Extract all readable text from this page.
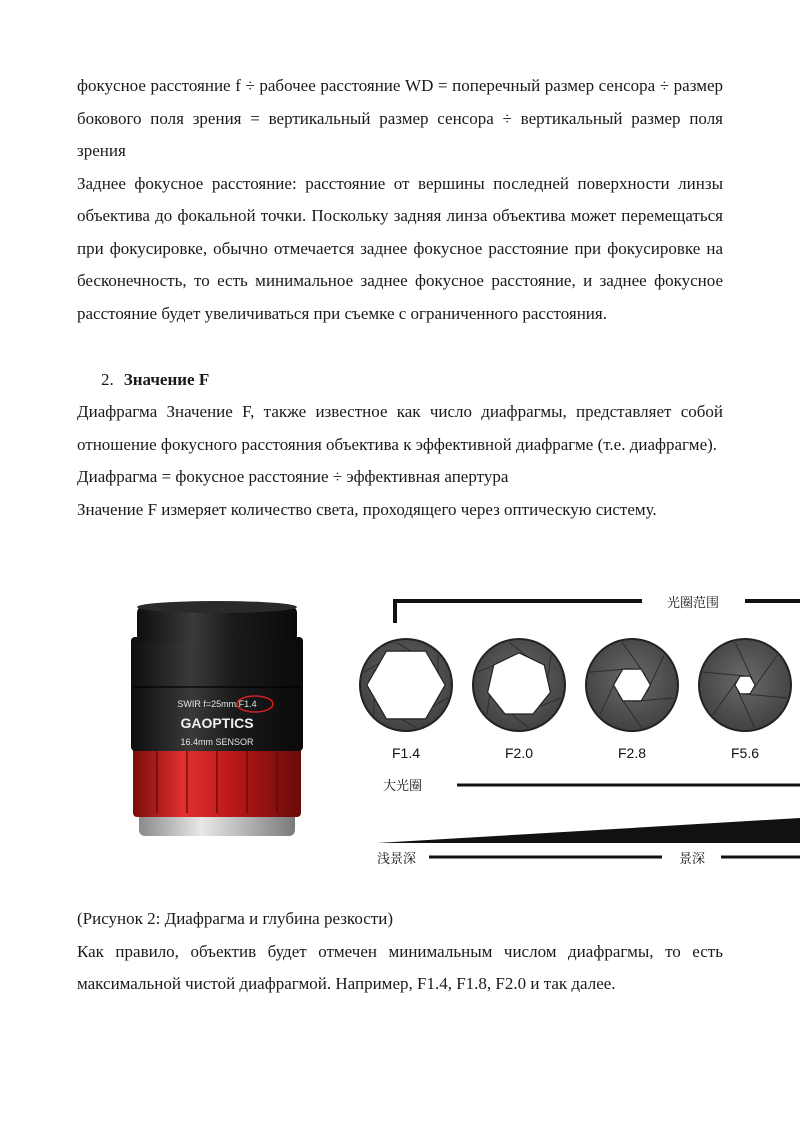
фокусное расстояние f ÷ рабочее расстояние WD = поперечный размер сенсора ÷ размер бокового поля зрения = вертикальный размер сенсора ÷ вертикальный размер поля зрения

Заднее фокусное расстояние: расстояние от вершины последней поверхности линзы объектива до фокальной точки. Поскольку задняя линза объектива может перемещаться при фокусировке, обычно отмечается заднее фокусное расстояние при фокусировке на бесконечность, то есть минимальное заднее фокусное расстояние, и заднее фокусное расстояние будет увеличиваться при съемке с ограниченного расстояния.

2. Значение F

Диафрагма Значение F, также известное как число диафрагмы, представляет собой отношение фокусного расстояния объектива к эффективной диафрагме (т.е. диафрагме).

Диафрагма = фокусное расстояние ÷ эффективная апертура

Значение F измеряет количество света, проходящего через оптическую систему.

SWIR f=25mm/F1.4
GAOPTICS
16.4mm SENSOR
光圈范围
F1.4	F2.0	F2.8	F5.6
大光圈
浅景深	景深

(Рисунок 2: Диафрагма и глубина резкости)

Как правило, объектив будет отмечен минимальным числом диафрагмы, то есть максимальной чистой диафрагмой. Например, F1.4, F1.8, F2.0 и так далее.
